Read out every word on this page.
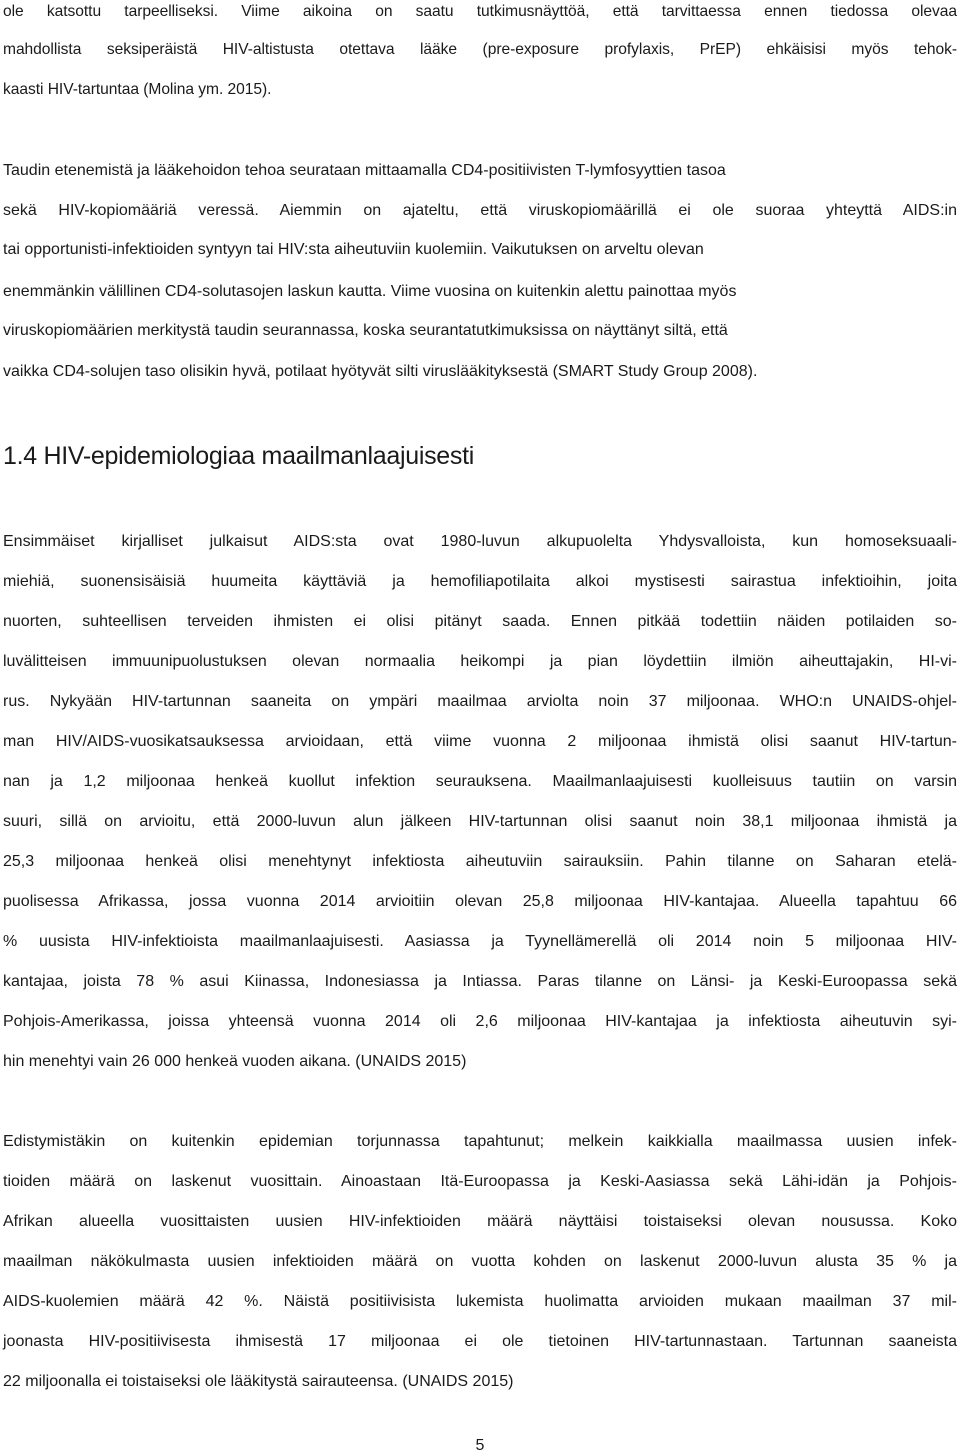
ole katsottu tarpeelliseksi. Viime aikoina on saatu tutkimusnäyttöä, että tarvittaessa ennen tiedossa olevaa
mahdollista seksiperäistä HIV-altistusta otettava lääke (pre-exposure profylaxis, PrEP) ehkäisisi myös tehok-
kaasti HIV-tartuntaa (Molina ym. 2015).
Taudin etenemistä ja lääkehoidon tehoa seurataan mittaamalla CD4-positiivisten T-lymfosyyttien tasoa
sekä HIV-kopiomääriä veressä. Aiemmin on ajateltu, että viruskopiomäärillä ei ole suoraa yhteyttä AIDS:in
tai opportunisti-infektioiden syntyyn tai HIV:sta aiheutuviin kuolemiin. Vaikutuksen on arveltu olevan
enemmänkin välillinen CD4-solutasojen laskun kautta. Viime vuosina on kuitenkin alettu painottaa myös
viruskopiomäärien merkitystä taudin seurannassa, koska seurantatutkimuksissa on näyttänyt siltä, että
vaikka CD4-solujen taso olisikin hyvä, potilaat hyötyvät silti viruslääkityksestä (SMART Study Group 2008).
1.4 HIV-epidemiologiaa maailmanlaajuisesti
Ensimmäiset kirjalliset julkaisut AIDS:sta ovat 1980-luvun alkupuolelta Yhdysvalloista, kun homoseksuaali-
miehiä, suonensisäisiä huumeita käyttäviä ja hemofiliapotilaita alkoi mystisesti sairastua infektioihin, joita
nuorten, suhteellisen terveiden ihmisten ei olisi pitänyt saada. Ennen pitkää todettiin näiden potilaiden so-
luvälitteisen immuunipuolustuksen olevan normaalia heikompi ja pian löydettiin ilmiön aiheuttajakin, HI-vi-
rus. Nykyään HIV-tartunnan saaneita on ympäri maailmaa arviolta noin 37 miljoonaa. WHO:n UNAIDS-ohjel-
man HIV/AIDS-vuosikatsauksessa arvioidaan, että viime vuonna 2 miljoonaa ihmistä olisi saanut HIV-tartun-
nan ja 1,2 miljoonaa henkeä kuollut infektion seurauksena. Maailmanlaajuisesti kuolleisuus tautiin on varsin
suuri, sillä on arvioitu, että 2000-luvun alun jälkeen HIV-tartunnan olisi saanut noin 38,1 miljoonaa ihmistä ja
25,3 miljoonaa henkeä olisi menehtynyt infektiosta aiheutuviin sairauksiin. Pahin tilanne on Saharan etelä-
puolisessa Afrikassa, jossa vuonna 2014 arvioitiin olevan 25,8 miljoonaa HIV-kantajaa. Alueella tapahtuu 66
% uusista HIV-infektioista maailmanlaajuisesti. Aasiassa ja Tyynellämerellä oli 2014 noin 5 miljoonaa HIV-
kantajaa, joista 78 % asui Kiinassa, Indonesiassa ja Intiassa. Paras tilanne on Länsi- ja Keski-Euroopassa sekä
Pohjois-Amerikassa, joissa yhteensä vuonna 2014 oli 2,6 miljoonaa HIV-kantajaa ja infektiosta aiheutuvin syi-
hin menehtyi vain 26 000 henkeä vuoden aikana. (UNAIDS 2015)
Edistymistäkin on kuitenkin epidemian torjunnassa tapahtunut; melkein kaikkialla maailmassa uusien infek-
tioiden määrä on laskenut vuosittain. Ainoastaan Itä-Euroopassa ja Keski-Aasiassa sekä Lähi-idän ja Pohjois-
Afrikan alueella vuosittaisten uusien HIV-infektioiden määrä näyttäisi toistaiseksi olevan nousussa. Koko
maailman näkökulmasta uusien infektioiden määrä on vuotta kohden on laskenut 2000-luvun alusta 35 % ja
AIDS-kuolemien määrä 42 %. Näistä positiivisista lukemista huolimatta arvioiden mukaan maailman 37 mil-
joonasta HIV-positiivisesta ihmisestä 17 miljoonaa ei ole tietoinen HIV-tartunnastaan. Tartunnan saaneista
22 miljoonalla ei toistaiseksi ole lääkitystä sairauteensa. (UNAIDS 2015)
5
